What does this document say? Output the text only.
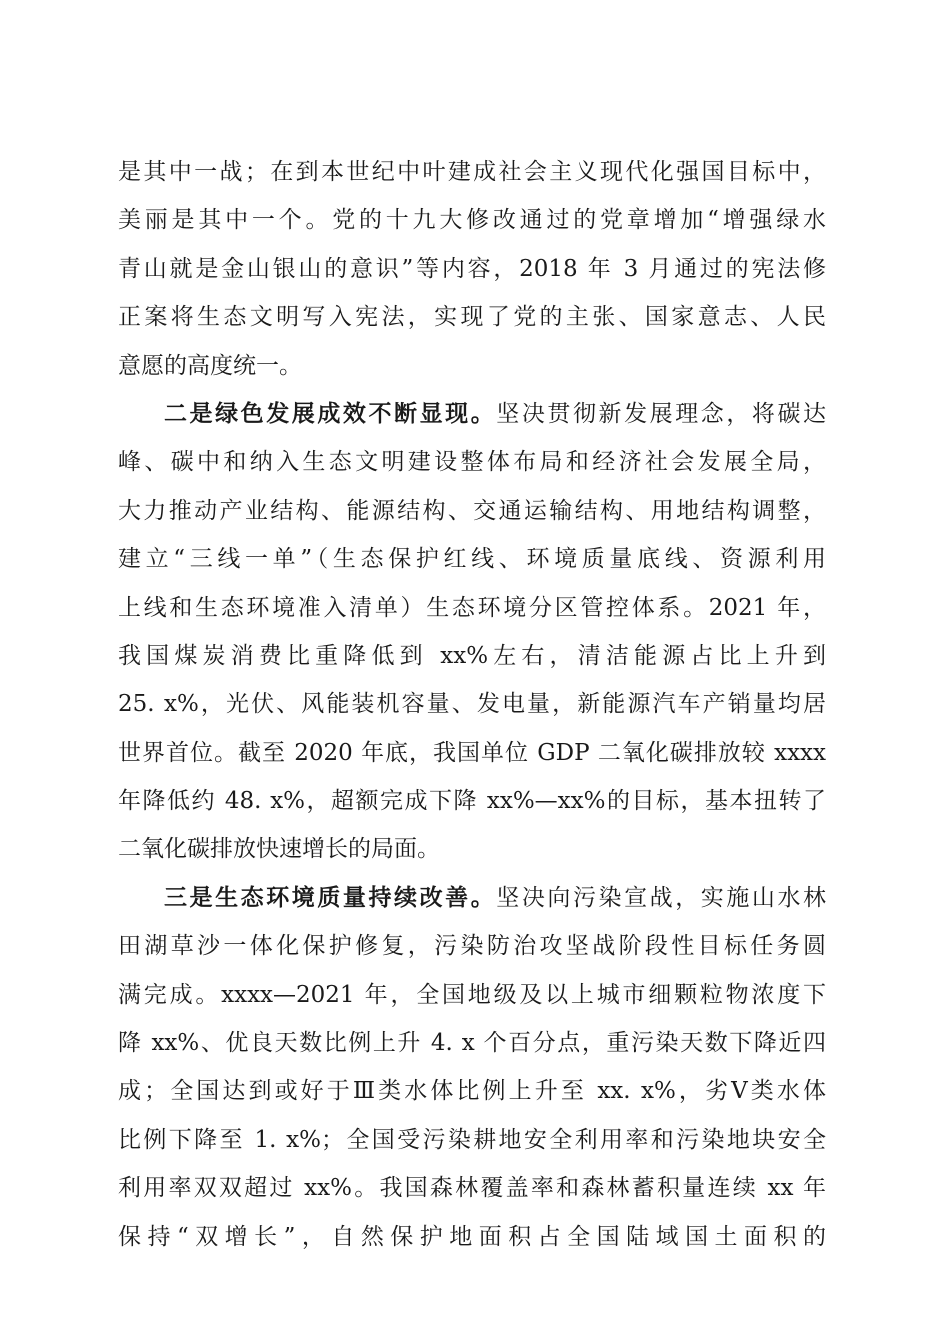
是其中一战；在到本世纪中叶建成社会主义现代化强国目标中，
美丽是其中一个。党的十九大修改通过的党章增加“增强绿水
青山就是金山银山的意识”等内容，2018 年 3 月通过的宪法修
正案将生态文明写入宪法，实现了党的主张、国家意志、人民
意愿的高度统一。
二是绿色发展成效不断显现。坚决贯彻新发展理念，将碳达
峰、碳中和纳入生态文明建设整体布局和经济社会发展全局，
大力推动产业结构、能源结构、交通运输结构、用地结构调整，
建立“三线一单”（生态保护红线、环境质量底线、资源利用
上线和生态环境准入清单）生态环境分区管控体系。2021 年，
我国煤炭消费比重降低到 xx%左右，清洁能源占比上升到
25. x%，光伏、风能装机容量、发电量，新能源汽车产销量均居
世界首位。截至 2020 年底，我国单位 GDP 二氧化碳排放较 xxxx
年降低约 48. x%，超额完成下降 xx%—xx%的目标，基本扭转了
二氧化碳排放快速增长的局面。
三是生态环境质量持续改善。坚决向污染宣战，实施山水林
田湖草沙一体化保护修复，污染防治攻坚战阶段性目标任务圆
满完成。xxxx—2021 年，全国地级及以上城市细颗粒物浓度下
降 xx%、优良天数比例上升 4. x 个百分点，重污染天数下降近四
成；全国达到或好于Ⅲ类水体比例上升至 xx. x%，劣Ⅴ类水体
比例下降至 1. x%；全国受污染耕地安全利用率和污染地块安全
利用率双双超过 xx%。我国森林覆盖率和森林蓄积量连续 xx 年
保持“双增长”，自然保护地面积占全国陆域国土面积的
